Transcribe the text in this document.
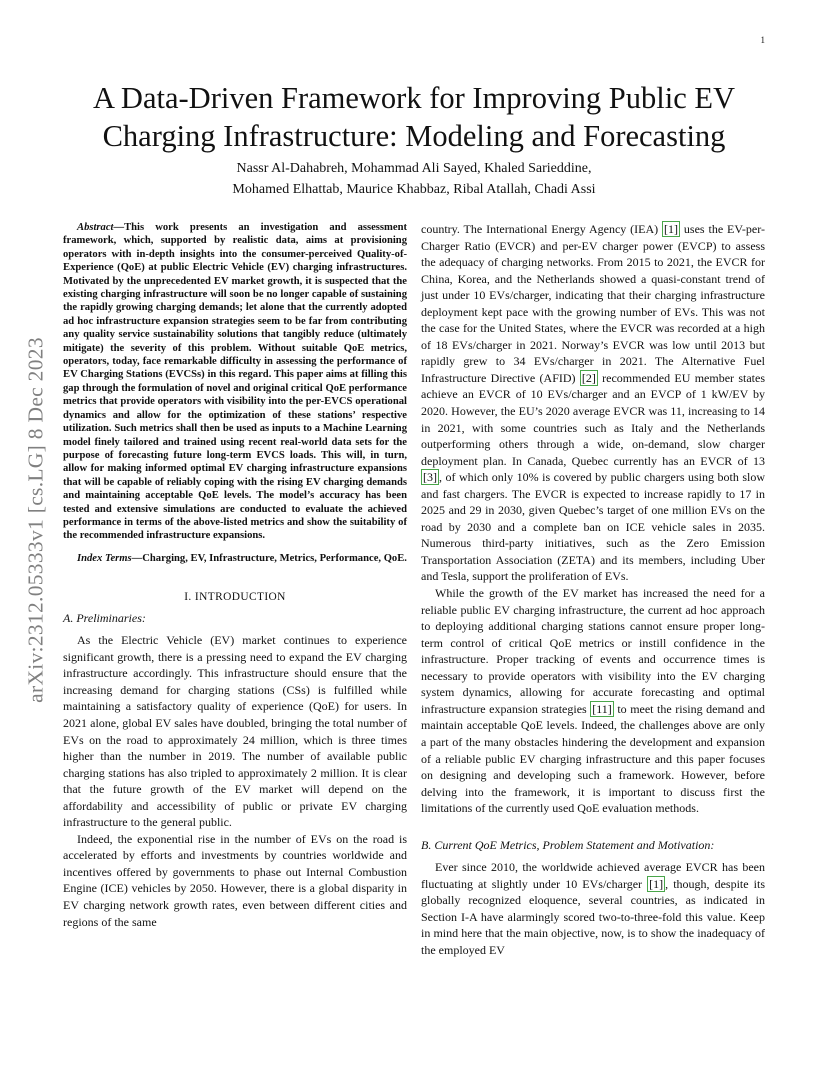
1
arXiv:2312.05333v1 [cs.LG] 8 Dec 2023
A Data-Driven Framework for Improving Public EV
Charging Infrastructure: Modeling and Forecasting
Nassr Al-Dahabreh, Mohammad Ali Sayed, Khaled Sarieddine,
Mohamed Elhattab, Maurice Khabbaz, Ribal Atallah, Chadi Assi

Abstract—This work presents an investigation and assessment framework, which, supported by realistic data, aims at provisioning operators with in-depth insights into the consumer-perceived Quality-of-Experience (QoE) at public Electric Vehicle (EV) charging infrastructures. Motivated by the unprecedented EV market growth, it is suspected that the existing charging infrastructure will soon be no longer capable of sustaining the rapidly growing charging demands; let alone that the currently adopted ad hoc infrastructure expansion strategies seem to be far from contributing any quality service sustainability solutions that tangibly reduce (ultimately mitigate) the severity of this problem. Without suitable QoE metrics, operators, today, face remarkable difficulty in assessing the performance of EV Charging Stations (EVCSs) in this regard. This paper aims at filling this gap through the formulation of novel and original critical QoE performance metrics that provide operators with visibility into the per-EVCS operational dynamics and allow for the optimization of these stations’ respective utilization. Such metrics shall then be used as inputs to a Machine Learning model finely tailored and trained using recent real-world data sets for the purpose of forecasting future long-term EVCS loads. This will, in turn, allow for making informed optimal EV charging infrastructure expansions that will be capable of reliably coping with the rising EV charging demands and maintaining acceptable QoE levels. The model’s accuracy has been tested and extensive simulations are conducted to evaluate the achieved performance in terms of the above-listed metrics and show the suitability of the recommended infrastructure expansions.

Index Terms—Charging, EV, Infrastructure, Metrics, Performance, QoE.

I. INTRODUCTION
A. Preliminaries:

As the Electric Vehicle (EV) market continues to experience significant growth, there is a pressing need to expand the EV charging infrastructure accordingly. This infrastructure should ensure that the increasing demand for charging stations (CSs) is fulfilled while maintaining a satisfactory quality of experience (QoE) for users. In 2021 alone, global EV sales have doubled, bringing the total number of EVs on the road to approximately 24 million, which is three times higher than the number in 2019. The number of available public charging stations has also tripled to approximately 2 million. It is clear that the future growth of the EV market will depend on the affordability and accessibility of public or private EV charging infrastructure to the general public.

Indeed, the exponential rise in the number of EVs on the road is accelerated by efforts and investments by countries worldwide and incentives offered by governments to phase out Internal Combustion Engine (ICE) vehicles by 2050. However, there is a global disparity in EV charging network growth rates, even between different cities and regions of the same

country. The International Energy Agency (IEA) [1] uses the EV-per-Charger Ratio (EVCR) and per-EV charger power (EVCP) to assess the adequacy of charging networks. From 2015 to 2021, the EVCR for China, Korea, and the Netherlands showed a quasi-constant trend of just under 10 EVs/charger, indicating that their charging infrastructure deployment kept pace with the growing number of EVs. This was not the case for the United States, where the EVCR was recorded at a high of 18 EVs/charger in 2021. Norway’s EVCR was low until 2013 but rapidly grew to 34 EVs/charger in 2021. The Alternative Fuel Infrastructure Directive (AFID) [2] recommended EU member states achieve an EVCR of 10 EVs/charger and an EVCP of 1 kW/EV by 2020. However, the EU’s 2020 average EVCR was 11, increasing to 14 in 2021, with some countries such as Italy and the Netherlands outperforming others through a wide, on-demand, slow charger deployment plan. In Canada, Quebec currently has an EVCR of 13 [3] , of which only 10% is covered by public chargers using both slow and fast chargers. The EVCR is expected to increase rapidly to 17 in 2025 and 29 in 2030, given Quebec’s target of one million EVs on the road by 2030 and a complete ban on ICE vehicle sales in 2035. Numerous third-party initiatives, such as the Zero Emission Transportation Association (ZETA) and its members, including Uber and Tesla, support the proliferation of EVs.

While the growth of the EV market has increased the need for a reliable public EV charging infrastructure, the current ad hoc approach to deploying additional charging stations cannot ensure proper long-term control of critical QoE metrics or instill confidence in the infrastructure. Proper tracking of events and occurrence times is necessary to provide operators with visibility into the EV charging system dynamics, allowing for accurate forecasting and optimal infrastructure expansion strategies [11] to meet the rising demand and maintain acceptable QoE levels. Indeed, the challenges above are only a part of the many obstacles hindering the development and expansion of a reliable public EV charging infrastructure and this paper focuses on designing and developing such a framework. However, before delving into the framework, it is important to discuss first the limitations of the currently used QoE evaluation methods.

B. Current QoE Metrics, Problem Statement and Motivation:

Ever since 2010, the worldwide achieved average EVCR has been fluctuating at slightly under 10 EVs/charger [1] , though, despite its globally recognized eloquence, several countries, as indicated in Section I-A have alarmingly scored two-to-three-fold this value. Keep in mind here that the main objective, now, is to show the inadequacy of the employed EV
